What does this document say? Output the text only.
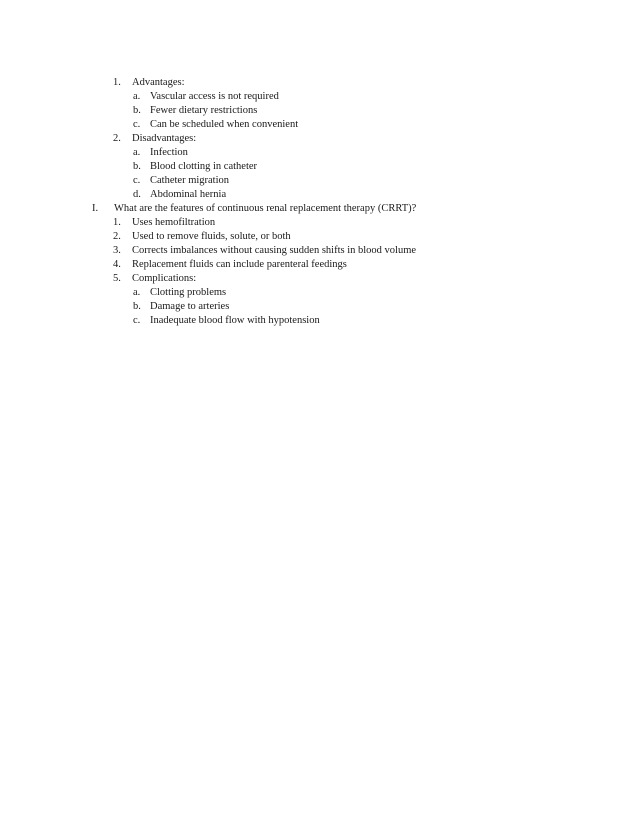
1. Advantages:
a. Vascular access is not required
b. Fewer dietary restrictions
c. Can be scheduled when convenient
2. Disadvantages:
a. Infection
b. Blood clotting in catheter
c. Catheter migration
d. Abdominal hernia
I. What are the features of continuous renal replacement therapy (CRRT)?
1. Uses hemofiltration
2. Used to remove fluids, solute, or both
3. Corrects imbalances without causing sudden shifts in blood volume
4. Replacement fluids can include parenteral feedings
5. Complications:
a. Clotting problems
b. Damage to arteries
c. Inadequate blood flow with hypotension
